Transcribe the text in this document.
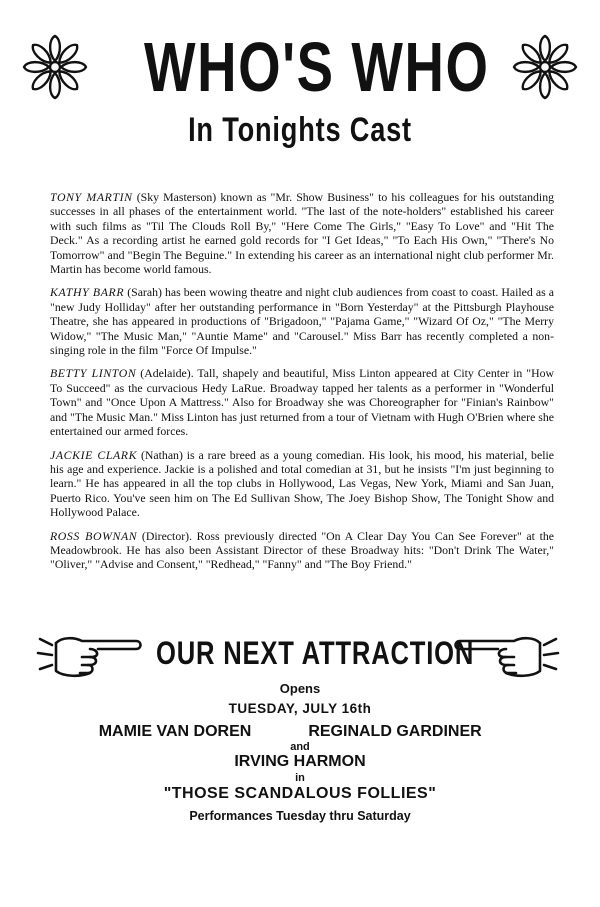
WHO'S WHO
In Tonights Cast

TONY MARTIN (Sky Masterson) known as "Mr. Show Business" to his colleagues for his outstanding successes in all phases of the entertainment world. "The last of the note-holders" established his career with such films as "Til The Clouds Roll By," "Here Come The Girls," "Easy To Love" and "Hit The Deck." As a recording artist he earned gold records for "I Get Ideas," "To Each His Own," "There's No Tomorrow" and "Begin The Beguine." In extending his career as an international night club performer Mr. Martin has become world famous.

KATHY BARR (Sarah) has been wowing theatre and night club audiences from coast to coast. Hailed as a "new Judy Holliday" after her outstanding performance in "Born Yesterday" at the Pittsburgh Playhouse Theatre, she has appeared in productions of "Brigadoon," "Pajama Game," "Wizard Of Oz," "The Merry Widow," "The Music Man," "Auntie Mame" and "Carousel." Miss Barr has recently completed a non-singing role in the film "Force Of Impulse."

BETTY LINTON (Adelaide). Tall, shapely and beautiful, Miss Linton appeared at City Center in "How To Succeed" as the curvacious Hedy LaRue. Broadway tapped her talents as a performer in "Wonderful Town" and "Once Upon A Mattress." Also for Broadway she was Choreographer for "Finian's Rainbow" and "The Music Man." Miss Linton has just returned from a tour of Vietnam with Hugh O'Brien where she entertained our armed forces.

JACKIE CLARK (Nathan) is a rare breed as a young comedian. His look, his mood, his material, belie his age and experience. Jackie is a polished and total comedian at 31, but he insists "I'm just beginning to learn." He has appeared in all the top clubs in Hollywood, Las Vegas, New York, Miami and San Juan, Puerto Rico. You've seen him on The Ed Sullivan Show, The Joey Bishop Show, The Tonight Show and Hollywood Palace.

ROSS BOWNAN (Director). Ross previously directed "On A Clear Day You Can See Forever" at the Meadowbrook. He has also been Assistant Director of these Broadway hits: "Don't Drink The Water," "Oliver," "Advise and Consent," "Redhead," "Fanny" and "The Boy Friend."

OUR NEXT ATTRACTION
Opens
TUESDAY, JULY 16th
MAMIE VAN DOREN	REGINALD GARDINER
and
IRVING HARMON
in
"THOSE SCANDALOUS FOLLIES"
Performances Tuesday thru Saturday
